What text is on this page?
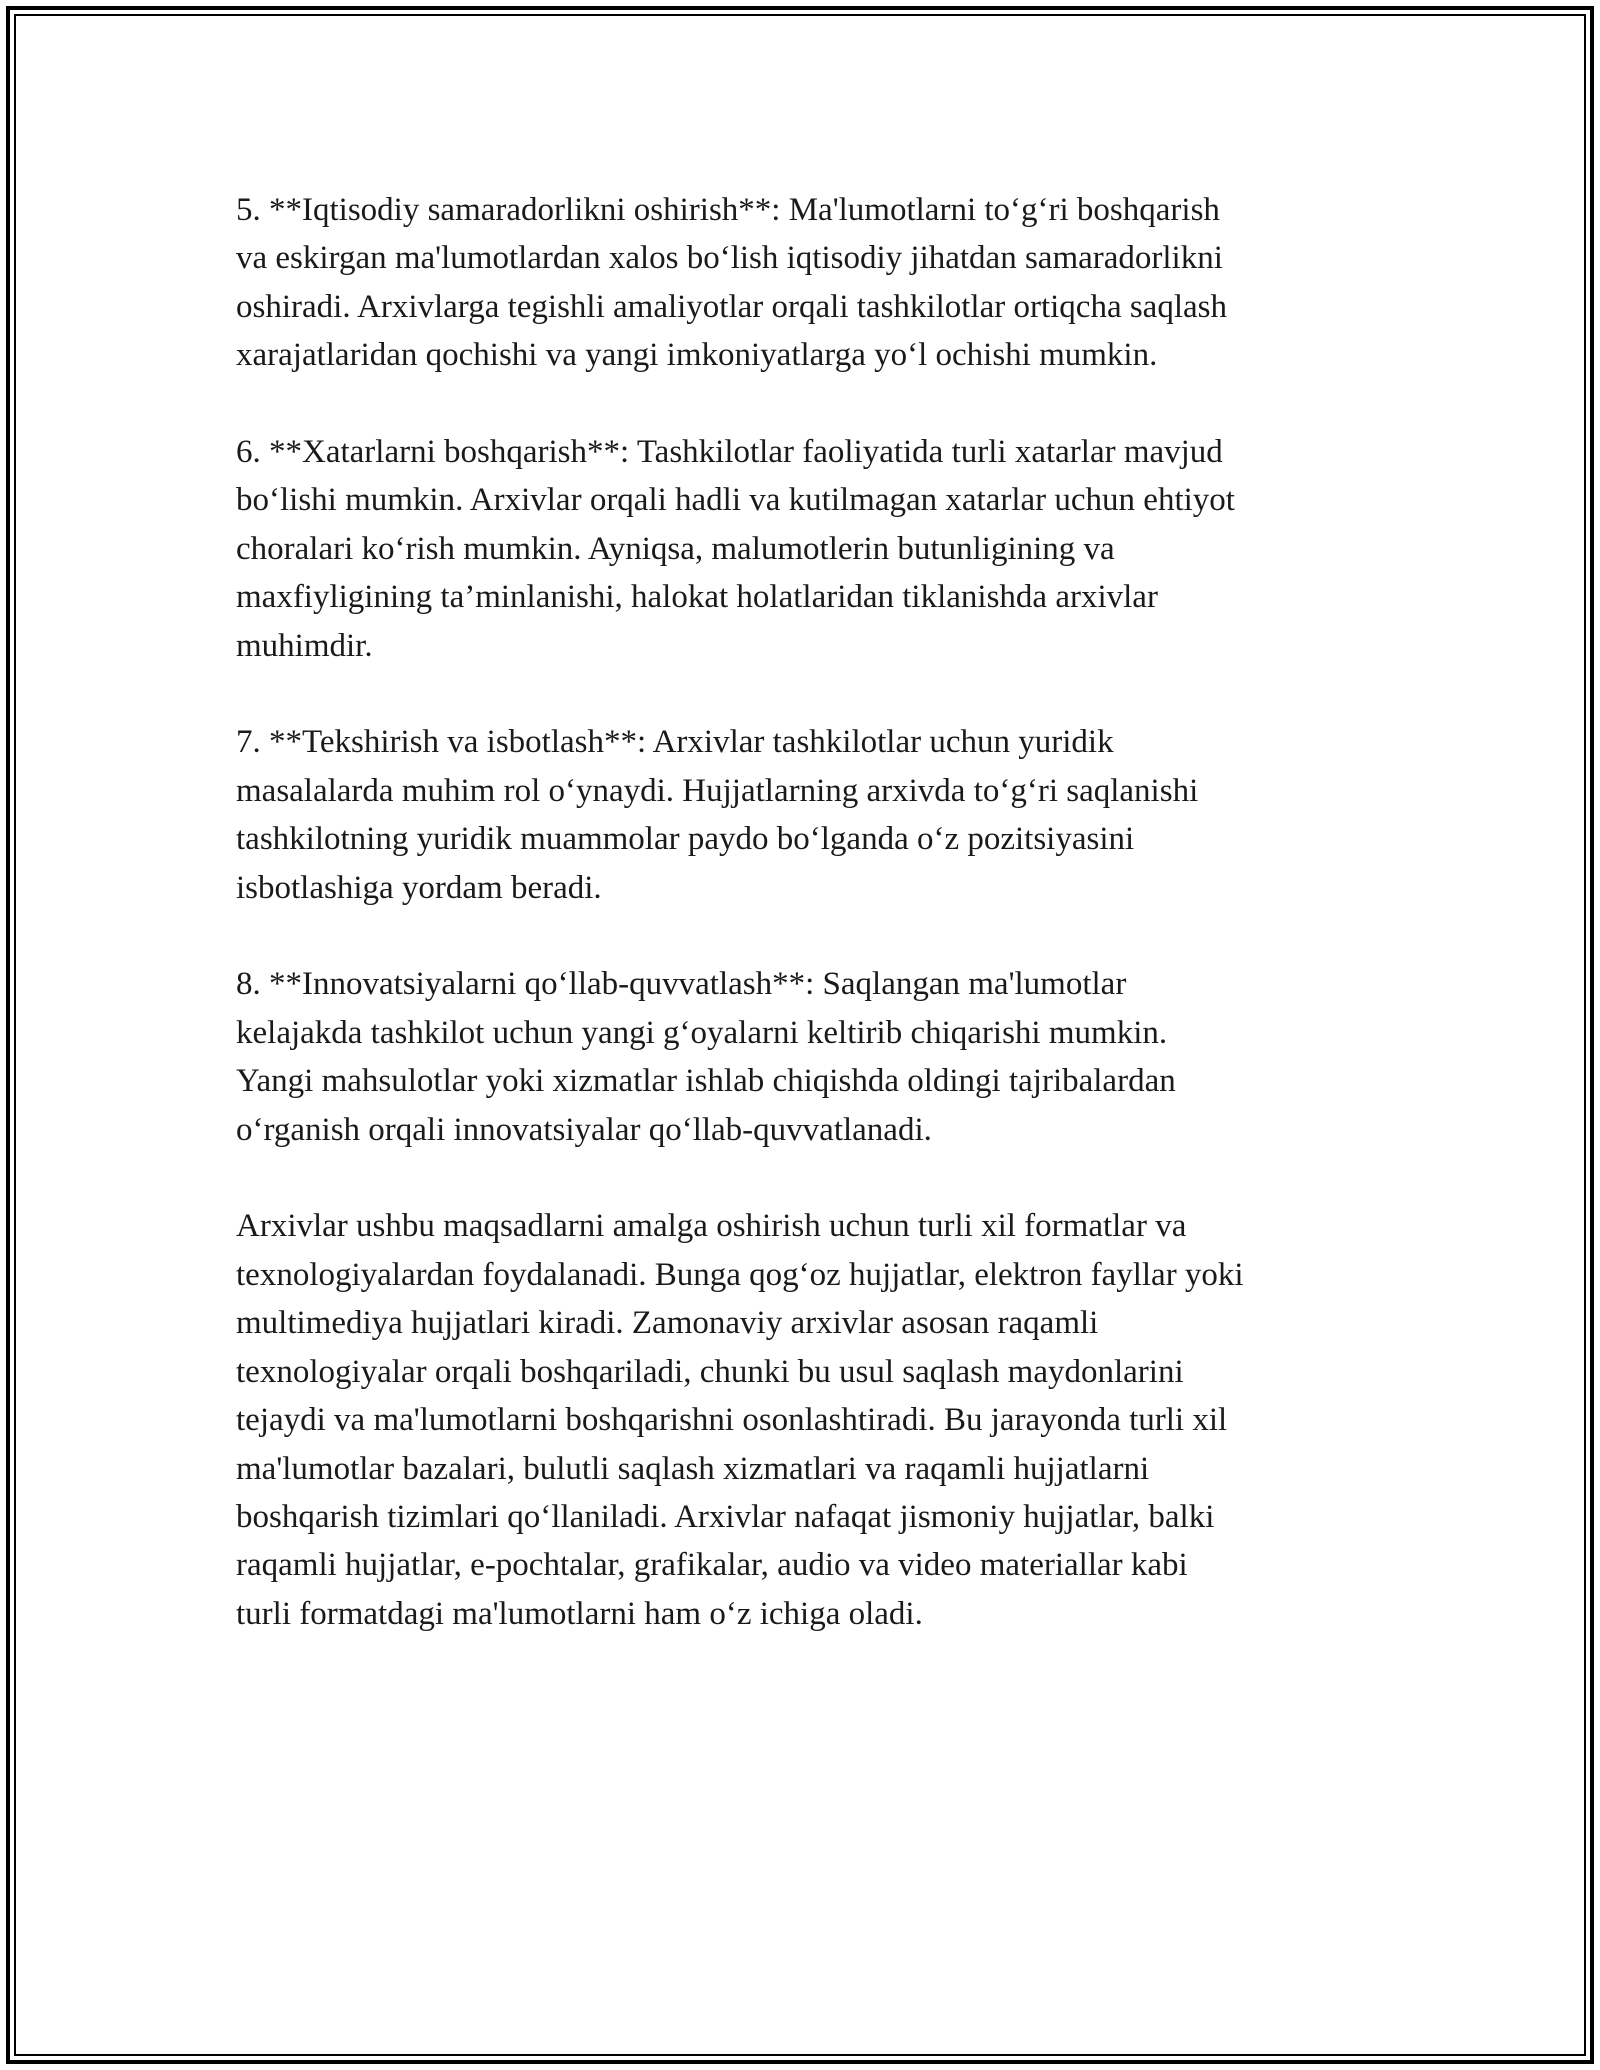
5. **Iqtisodiy samaradorlikni oshirish**: Ma'lumotlarni to‘g‘ri boshqarish
va eskirgan ma'lumotlardan xalos bo‘lish iqtisodiy jihatdan samaradorlikni
oshiradi. Arxivlarga tegishli amaliyotlar orqali tashkilotlar ortiqcha saqlash
xarajatlaridan qochishi va yangi imkoniyatlarga yo‘l ochishi mumkin.

6. **Xatarlarni boshqarish**: Tashkilotlar faoliyatida turli xatarlar mavjud
bo‘lishi mumkin. Arxivlar orqali hadli va kutilmagan xatarlar uchun ehtiyot
choralari ko‘rish mumkin. Ayniqsa, malumotlerin butunligining va
maxfiyligining ta’minlanishi, halokat holatlaridan tiklanishda arxivlar
muhimdir.

7. **Tekshirish va isbotlash**: Arxivlar tashkilotlar uchun yuridik
masalalarda muhim rol o‘ynaydi. Hujjatlarning arxivda to‘g‘ri saqlanishi
tashkilotning yuridik muammolar paydo bo‘lganda o‘z pozitsiyasini
isbotlashiga yordam beradi.

8. **Innovatsiyalarni qo‘llab-quvvatlash**: Saqlangan ma'lumotlar
kelajakda tashkilot uchun yangi g‘oyalarni keltirib chiqarishi mumkin.
Yangi mahsulotlar yoki xizmatlar ishlab chiqishda oldingi tajribalardan
o‘rganish orqali innovatsiyalar qo‘llab-quvvatlanadi.

Arxivlar ushbu maqsadlarni amalga oshirish uchun turli xil formatlar va
texnologiyalardan foydalanadi. Bunga qog‘oz hujjatlar, elektron fayllar yoki
multimediya hujjatlari kiradi. Zamonaviy arxivlar asosan raqamli
texnologiyalar orqali boshqariladi, chunki bu usul saqlash maydonlarini
tejaydi va ma'lumotlarni boshqarishni osonlashtiradi. Bu jarayonda turli xil
ma'lumotlar bazalari, bulutli saqlash xizmatlari va raqamli hujjatlarni
boshqarish tizimlari qo‘llaniladi. Arxivlar nafaqat jismoniy hujjatlar, balki
raqamli hujjatlar, e-pochtalar, grafikalar, audio va video materiallar kabi
turli formatdagi ma'lumotlarni ham o‘z ichiga oladi.
